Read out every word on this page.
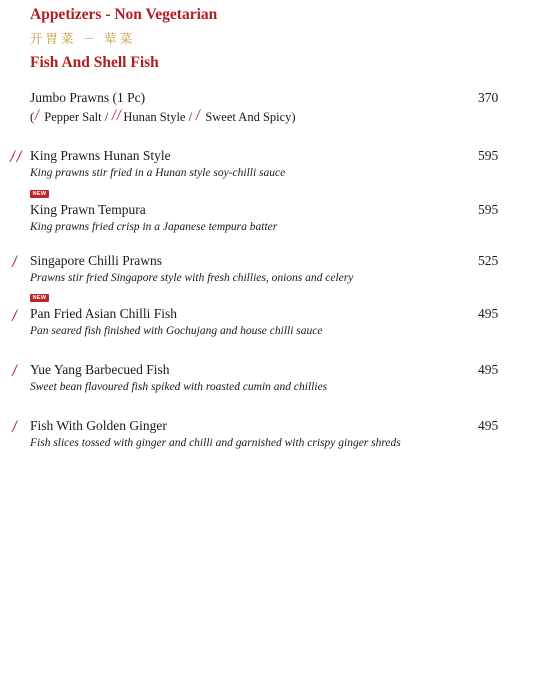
Appetizers - Non Vegetarian
开胃菜 － 荤菜
Fish And Shell Fish
Jumbo Prawns (1 Pc)	370
( Pepper Salt / Hunan Style / Sweet And Spicy)
King Prawns Hunan Style	595
King prawns stir fried in a Hunan style soy-chilli sauce
NEW
King Prawn Tempura	595
King prawns fried crisp in a Japanese tempura batter
Singapore Chilli Prawns	525
Prawns stir fried Singapore style with fresh chillies, onions and celery
NEW
Pan Fried Asian Chilli Fish	495
Pan seared fish finished with Gochujang and house chilli sauce
Yue Yang Barbecued Fish	495
Sweet bean flavoured fish spiked with roasted cumin and chillies
Fish With Golden Ginger	495
Fish slices tossed with ginger and chilli and garnished with crispy ginger shreds
